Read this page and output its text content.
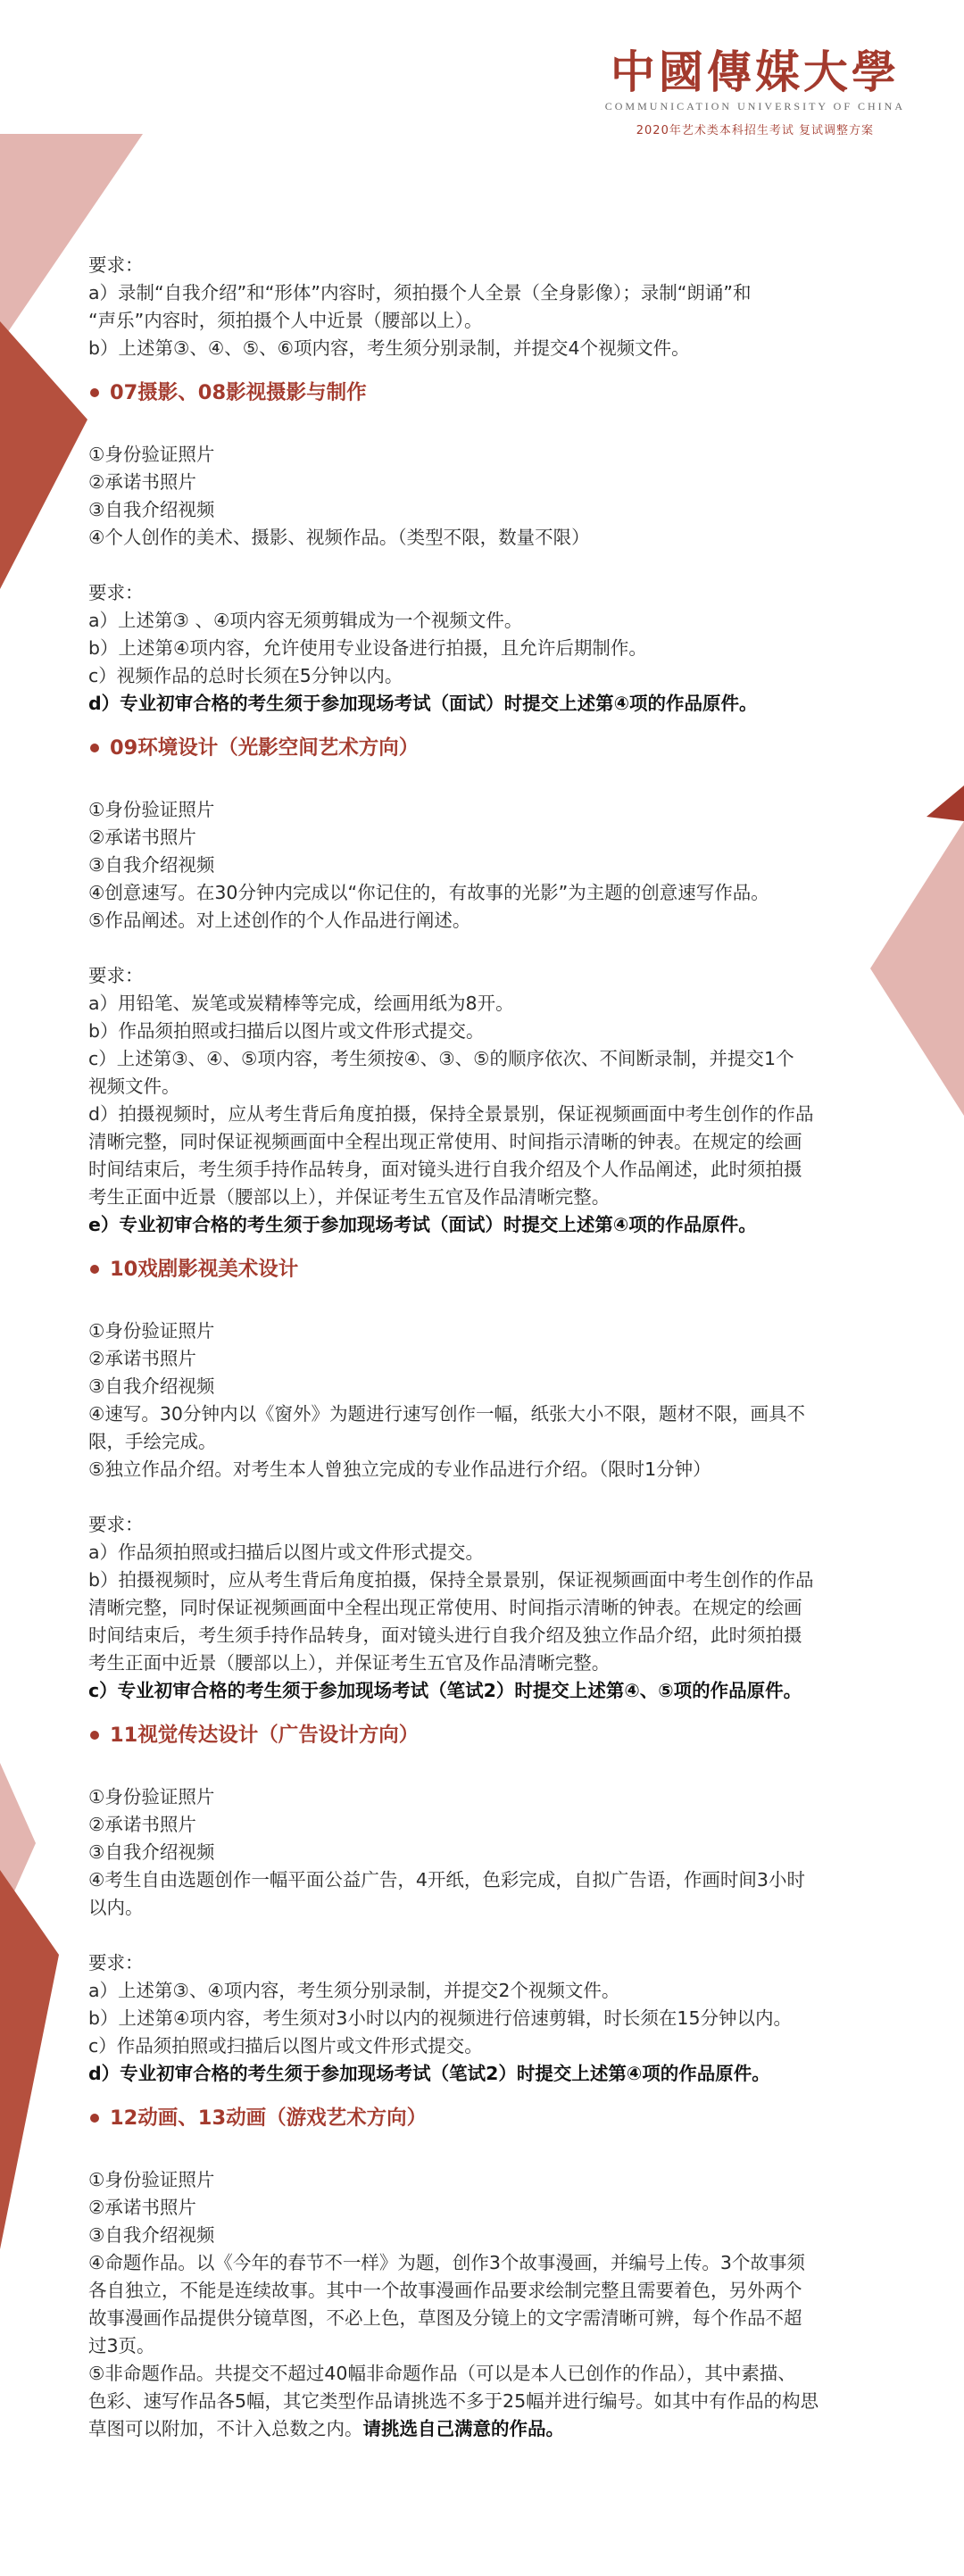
中國傳媒大學
COMMUNICATION UNIVERSITY OF CHINA
2020年艺术类本科招生考试 复试调整方案

要求：

a）录制“自我介绍”和“形体”内容时，须拍摄个人全景（全身影像）；录制“朗诵”和

“声乐”内容时，须拍摄个人中近景（腰部以上）。

b）上述第③、④、⑤、⑥项内容，考生须分别录制，并提交4个视频文件。

07摄影、08影视摄影与制作

①身份验证照片

②承诺书照片

③自我介绍视频

④个人创作的美术、摄影、视频作品。（类型不限，数量不限）

要求：

a）上述第③ 、④项内容无须剪辑成为一个视频文件。

b）上述第④项内容，允许使用专业设备进行拍摄，且允许后期制作。

c）视频作品的总时长须在5分钟以内。

d）专业初审合格的考生须于参加现场考试（面试）时提交上述第④项的作品原件。

09环境设计（光影空间艺术方向）

①身份验证照片

②承诺书照片

③自我介绍视频

④创意速写。在30分钟内完成以“你记住的，有故事的光影”为主题的创意速写作品。

⑤作品阐述。对上述创作的个人作品进行阐述。

要求：

a）用铅笔、炭笔或炭精棒等完成，绘画用纸为8开。

b）作品须拍照或扫描后以图片或文件形式提交。

c）上述第③、④、⑤项内容，考生须按④、③、⑤的顺序依次、不间断录制，并提交1个

视频文件。

d）拍摄视频时，应从考生背后角度拍摄，保持全景景别，保证视频画面中考生创作的作品

清晰完整，同时保证视频画面中全程出现正常使用、时间指示清晰的钟表。在规定的绘画

时间结束后，考生须手持作品转身，面对镜头进行自我介绍及个人作品阐述，此时须拍摄

考生正面中近景（腰部以上），并保证考生五官及作品清晰完整。

e）专业初审合格的考生须于参加现场考试（面试）时提交上述第④项的作品原件。

10戏剧影视美术设计

①身份验证照片

②承诺书照片

③自我介绍视频

④速写。30分钟内以《窗外》为题进行速写创作一幅，纸张大小不限，题材不限，画具不

限，手绘完成。

⑤独立作品介绍。对考生本人曾独立完成的专业作品进行介绍。（限时1分钟）

要求：

a）作品须拍照或扫描后以图片或文件形式提交。

b）拍摄视频时，应从考生背后角度拍摄，保持全景景别，保证视频画面中考生创作的作品

清晰完整，同时保证视频画面中全程出现正常使用、时间指示清晰的钟表。在规定的绘画

时间结束后，考生须手持作品转身，面对镜头进行自我介绍及独立作品介绍，此时须拍摄

考生正面中近景（腰部以上），并保证考生五官及作品清晰完整。

c）专业初审合格的考生须于参加现场考试（笔试2）时提交上述第④、⑤项的作品原件。

11视觉传达设计（广告设计方向）

①身份验证照片

②承诺书照片

③自我介绍视频

④考生自由选题创作一幅平面公益广告，4开纸，色彩完成，自拟广告语，作画时间3小时

以内。

要求：

a）上述第③、④项内容，考生须分别录制，并提交2个视频文件。

b）上述第④项内容，考生须对3小时以内的视频进行倍速剪辑，时长须在15分钟以内。

c）作品须拍照或扫描后以图片或文件形式提交。

d）专业初审合格的考生须于参加现场考试（笔试2）时提交上述第④项的作品原件。

12动画、13动画（游戏艺术方向）

①身份验证照片

②承诺书照片

③自我介绍视频

④命题作品。以《今年的春节不一样》为题，创作3个故事漫画，并编号上传。3个故事须

各自独立，不能是连续故事。其中一个故事漫画作品要求绘制完整且需要着色，另外两个

故事漫画作品提供分镜草图，不必上色，草图及分镜上的文字需清晰可辨，每个作品不超

过3页。

⑤非命题作品。共提交不超过40幅非命题作品（可以是本人已创作的作品），其中素描、

色彩、速写作品各5幅，其它类型作品请挑选不多于25幅并进行编号。如其中有作品的构思

草图可以附加，不计入总数之内。请挑选自己满意的作品。
